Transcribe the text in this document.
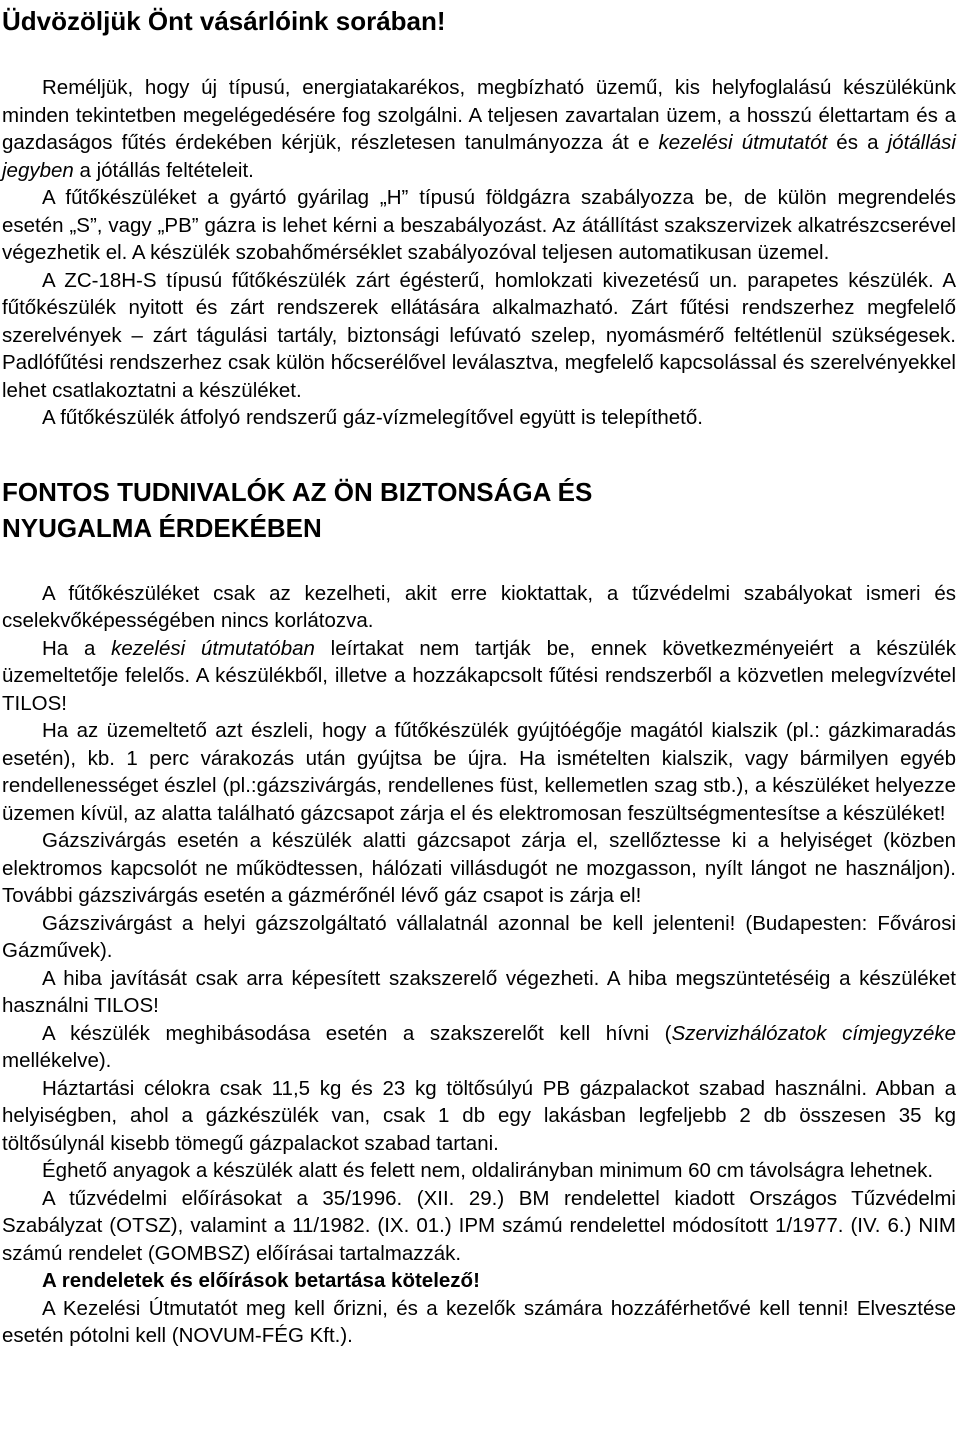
Üdvözöljük Önt vásárlóink sorában!

Reméljük, hogy új típusú, energiatakarékos, megbízható üzemű, kis helyfoglalású készülékünk minden tekintetben megelégedésére fog szolgálni. A teljesen zavartalan üzem, a hosszú élettartam és a gazdaságos fűtés érdekében kérjük, részletesen tanulmányozza át e kezelési útmutatót és a jótállási jegyben a jótállás feltételeit.

A fűtőkészüléket a gyártó gyárilag „H” típusú földgázra szabályozza be, de külön megrendelés esetén „S”, vagy „PB” gázra is lehet kérni a beszabályozást. Az átállítást szakszervizek alkatrészcserével végezhetik el. A készülék szobahőmérséklet szabályozóval teljesen automatikusan üzemel.

A ZC-18H-S típusú fűtőkészülék zárt égésterű, homlokzati kivezetésű un. parapetes készülék. A fűtőkészülék nyitott és zárt rendszerek ellátására alkalmazható. Zárt fűtési rendszerhez megfelelő szerelvények – zárt tágulási tartály, biztonsági lefúvató szelep, nyomásmérő feltétlenül szükségesek. Padlófűtési rendszerhez csak külön hőcserélővel leválasztva, megfelelő kapcsolással és szerelvényekkel lehet csatlakoztatni a készüléket.

A fűtőkészülék átfolyó rendszerű gáz-vízmelegítővel együtt is telepíthető.

FONTOS TUDNIVALÓK AZ ÖN BIZTONSÁGA ÉS
NYUGALMA ÉRDEKÉBEN

A fűtőkészüléket csak az kezelheti, akit erre kioktattak, a tűzvédelmi szabályokat ismeri és cselekvőképességében nincs korlátozva.

Ha a kezelési útmutatóban leírtakat nem tartják be, ennek következményeiért a készülék üzemeltetője felelős. A készülékből, illetve a hozzákapcsolt fűtési rendszerből a közvetlen melegvízvétel TILOS!

Ha az üzemeltető azt észleli, hogy a fűtőkészülék gyújtóégője magától kialszik (pl.: gázkimaradás esetén), kb. 1 perc várakozás után gyújtsa be újra. Ha ismételten kialszik, vagy bármilyen egyéb rendellenességet észlel (pl.:gázszivárgás, rendellenes füst, kellemetlen szag stb.), a készüléket helyezze üzemen kívül, az alatta található gázcsapot zárja el és elektromosan feszültségmentesítse a készüléket!

Gázszivárgás esetén a készülék alatti gázcsapot zárja el, szellőztesse ki a helyiséget (közben elektromos kapcsolót ne működtessen, hálózati villásdugót ne mozgasson, nyílt lángot ne használjon). További gázszivárgás esetén a gázmérőnél lévő gáz csapot is zárja el!

Gázszivárgást a helyi gázszolgáltató vállalatnál azonnal be kell jelenteni! (Budapesten: Fővárosi Gázművek).

A hiba javítását csak arra képesített szakszerelő végezheti. A hiba megszüntetéséig a készüléket használni TILOS!

A készülék meghibásodása esetén a szakszerelőt kell hívni (Szervizhálózatok címjegyzéke mellékelve).

Háztartási célokra csak 11,5 kg és 23 kg töltősúlyú PB gázpalackot szabad használni. Abban a helyiségben, ahol a gázkészülék van, csak 1 db egy lakásban legfeljebb 2 db összesen 35 kg töltősúlynál kisebb tömegű gázpalackot szabad tartani.

Éghető anyagok a készülék alatt és felett nem, oldalirányban minimum 60 cm távolságra lehetnek.

A tűzvédelmi előírásokat a 35/1996. (XII. 29.) BM rendelettel kiadott Országos Tűzvédelmi Szabályzat (OTSZ), valamint a 11/1982. (IX. 01.) IPM számú rendelettel módosított 1/1977. (IV. 6.) NIM számú rendelet (GOMBSZ) előírásai tartalmazzák.

A rendeletek és előírások betartása kötelező!

A Kezelési Útmutatót meg kell őrizni, és a kezelők számára hozzáférhetővé kell tenni! Elvesztése esetén pótolni kell (NOVUM-FÉG Kft.).
